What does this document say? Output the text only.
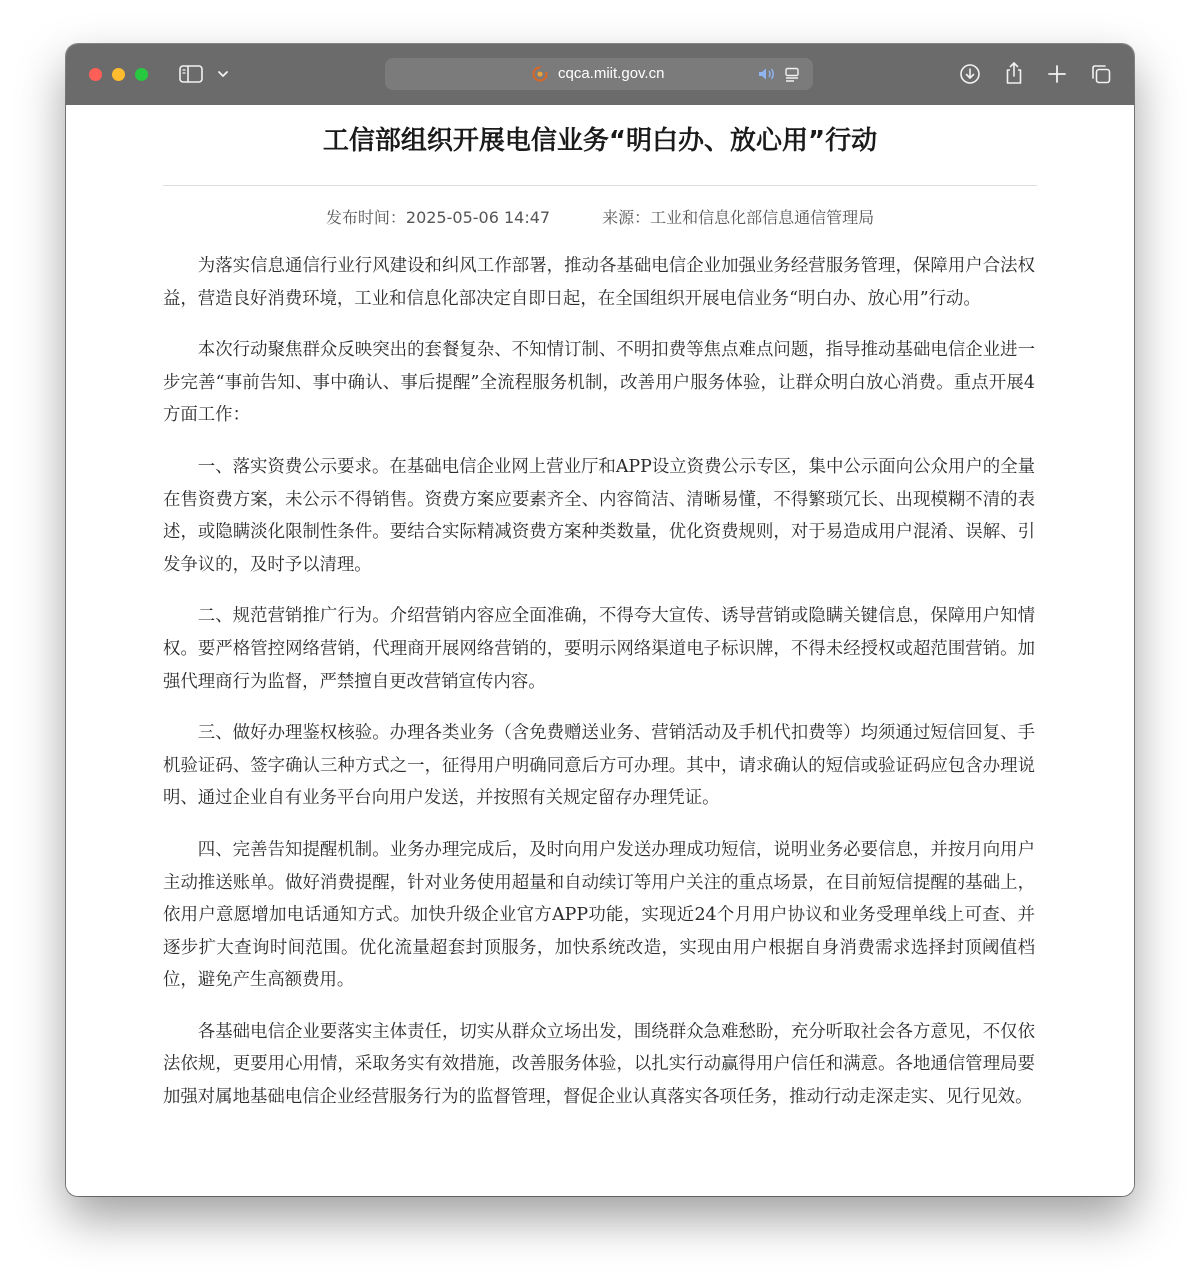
cqca.miit.gov.cn
工信部组织开展电信业务“明白办、放心用”行动
发布时间：2025-05-06 14:47	来源：工业和信息化部信息通信管理局

为落实信息通信行业行风建设和纠风工作部署，推动各基础电信企业加强业务经营服务管理，保障用户合法权益，营造良好消费环境，工业和信息化部决定自即日起，在全国组织开展电信业务“明白办、放心用”行动。

本次行动聚焦群众反映突出的套餐复杂、不知情订制、不明扣费等焦点难点问题，指导推动基础电信企业进一步完善“事前告知、事中确认、事后提醒”全流程服务机制，改善用户服务体验，让群众明白放心消费。重点开展4方面工作：

一、落实资费公示要求。在基础电信企业网上营业厅和APP设立资费公示专区，集中公示面向公众用户的全量在售资费方案，未公示不得销售。资费方案应要素齐全、内容简洁、清晰易懂，不得繁琐冗长、出现模糊不清的表述，或隐瞒淡化限制性条件。要结合实际精减资费方案种类数量，优化资费规则，对于易造成用户混淆、误解、引发争议的，及时予以清理。

二、规范营销推广行为。介绍营销内容应全面准确，不得夸大宣传、诱导营销或隐瞒关键信息，保障用户知情权。要严格管控网络营销，代理商开展网络营销的，要明示网络渠道电子标识牌，不得未经授权或超范围营销。加强代理商行为监督，严禁擅自更改营销宣传内容。

三、做好办理鉴权核验。办理各类业务（含免费赠送业务、营销活动及手机代扣费等）均须通过短信回复、手机验证码、签字确认三种方式之一，征得用户明确同意后方可办理。其中，请求确认的短信或验证码应包含办理说明、通过企业自有业务平台向用户发送，并按照有关规定留存办理凭证。

四、完善告知提醒机制。业务办理完成后，及时向用户发送办理成功短信，说明业务必要信息，并按月向用户主动推送账单。做好消费提醒，针对业务使用超量和自动续订等用户关注的重点场景，在目前短信提醒的基础上，依用户意愿增加电话通知方式。加快升级企业官方APP功能，实现近24个月用户协议和业务受理单线上可查、并逐步扩大查询时间范围。优化流量超套封顶服务，加快系统改造，实现由用户根据自身消费需求选择封顶阈值档位，避免产生高额费用。

各基础电信企业要落实主体责任，切实从群众立场出发，围绕群众急难愁盼，充分听取社会各方意见，不仅依法依规，更要用心用情，采取务实有效措施，改善服务体验，以扎实行动赢得用户信任和满意。各地通信管理局要加强对属地基础电信企业经营服务行为的监督管理，督促企业认真落实各项任务，推动行动走深走实、见行见效。
